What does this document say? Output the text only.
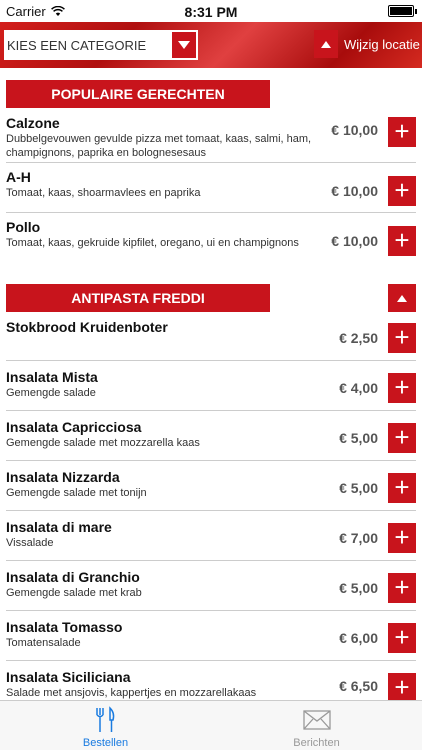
Carrier	8:31 PM
KIES EEN CATEGORIE	Wijzig locatie
POPULAIRE GERECHTEN
Calzone
Dubbelgevouwen gevulde pizza met tomaat, kaas, salmi, ham, champignons, paprika en bolognesesaus
€ 10,00 +
A-H
Tomaat, kaas, shoarmavlees en paprika	€ 10,00 +
Pollo
Tomaat, kaas, gekruide kipfilet, oregano, ui en champignons	€ 10,00 +
ANTIPASTA FREDDI
Stokbrood Kruidenboter
€ 2,50 +
Insalata Mista
Gemengde salade	€ 4,00 +
Insalata Capricciosa
Gemengde salade met mozzarella kaas	€ 5,00 +
Insalata Nizzarda
Gemengde salade met tonijn	€ 5,00 +
Insalata di mare
Vissalade	€ 7,00 +
Insalata di Granchio
Gemengde salade met krab	€ 5,00 +
Insalata Tomasso
Tomatensalade	€ 6,00 +
Insalata Siciliciana
Salade met ansjovis, kappertjes en mozzarellakaas	€ 6,50 +
Bestellen	Berichten
